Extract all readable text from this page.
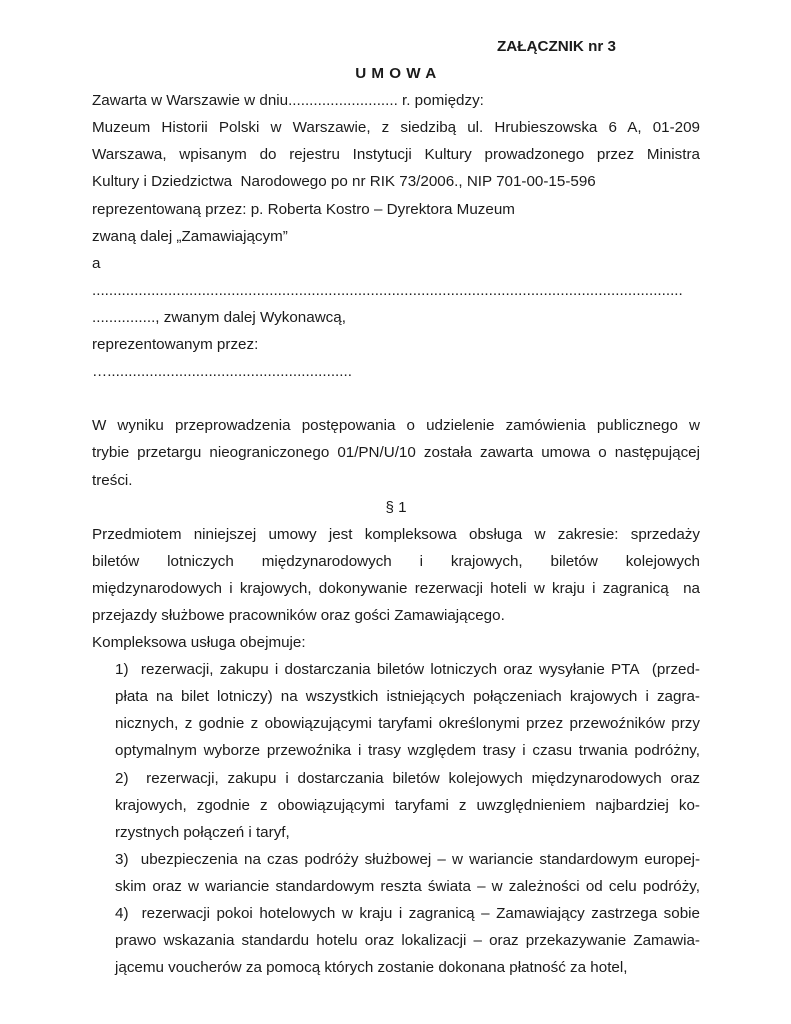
ZAŁĄCZNIK nr 3
U M O W A
Zawarta w Warszawie w dniu.......................... r. pomiędzy:
Muzeum Historii Polski w Warszawie, z siedzibą ul. Hrubieszowska 6 A, 01-209
Warszawa, wpisanym do rejestru Instytucji Kultury prowadzonego przez Ministra
Kultury i Dziedzictwa  Narodowego po nr RIK 73/2006., NIP 701-00-15-596
reprezentowaną przez: p. Roberta Kostro – Dyrektora Muzeum
zwaną dalej „Zamawiającym”
a
............................................................................................................................................
..............., zwanym dalej Wykonawcą,
reprezentowanym przez:
…..........................................................
W wyniku przeprowadzenia postępowania o udzielenie zamówienia publicznego w
trybie przetargu nieograniczonego 01/PN/U/10 została zawarta umowa o następującej
treści.
§ 1
Przedmiotem niniejszej umowy jest kompleksowa obsługa w zakresie: sprzedaży
biletów lotniczych międzynarodowych i krajowych, biletów kolejowych
międzynarodowych i krajowych, dokonywanie rezerwacji hoteli w kraju i zagranicą  na
przejazdy służbowe pracowników oraz gości Zamawiającego.
Kompleksowa usługa obejmuje:
1)  rezerwacji, zakupu i dostarczania biletów lotniczych oraz wysyłanie PTA  (przed-
płata na bilet lotniczy) na wszystkich istniejących połączeniach krajowych i zagra-
nicznych, z godnie z obowiązującymi taryfami określonymi przez przewoźników przy
optymalnym wyborze przewoźnika i trasy względem trasy i czasu trwania podróżny,
2)  rezerwacji, zakupu i dostarczania biletów kolejowych międzynarodowych oraz
krajowych, zgodnie z obowiązującymi taryfami z uwzględnieniem najbardziej ko-
rzystnych połączeń i taryf,
3)  ubezpieczenia na czas podróży służbowej – w wariancie standardowym europej-
skim oraz w wariancie standardowym reszta świata – w zależności od celu podróży,
4)  rezerwacji pokoi hotelowych w kraju i zagranicą – Zamawiający zastrzega sobie
prawo wskazania standardu hotelu oraz lokalizacji – oraz przekazywanie Zamawia-
jącemu voucherów za pomocą których zostanie dokonana płatność za hotel,
